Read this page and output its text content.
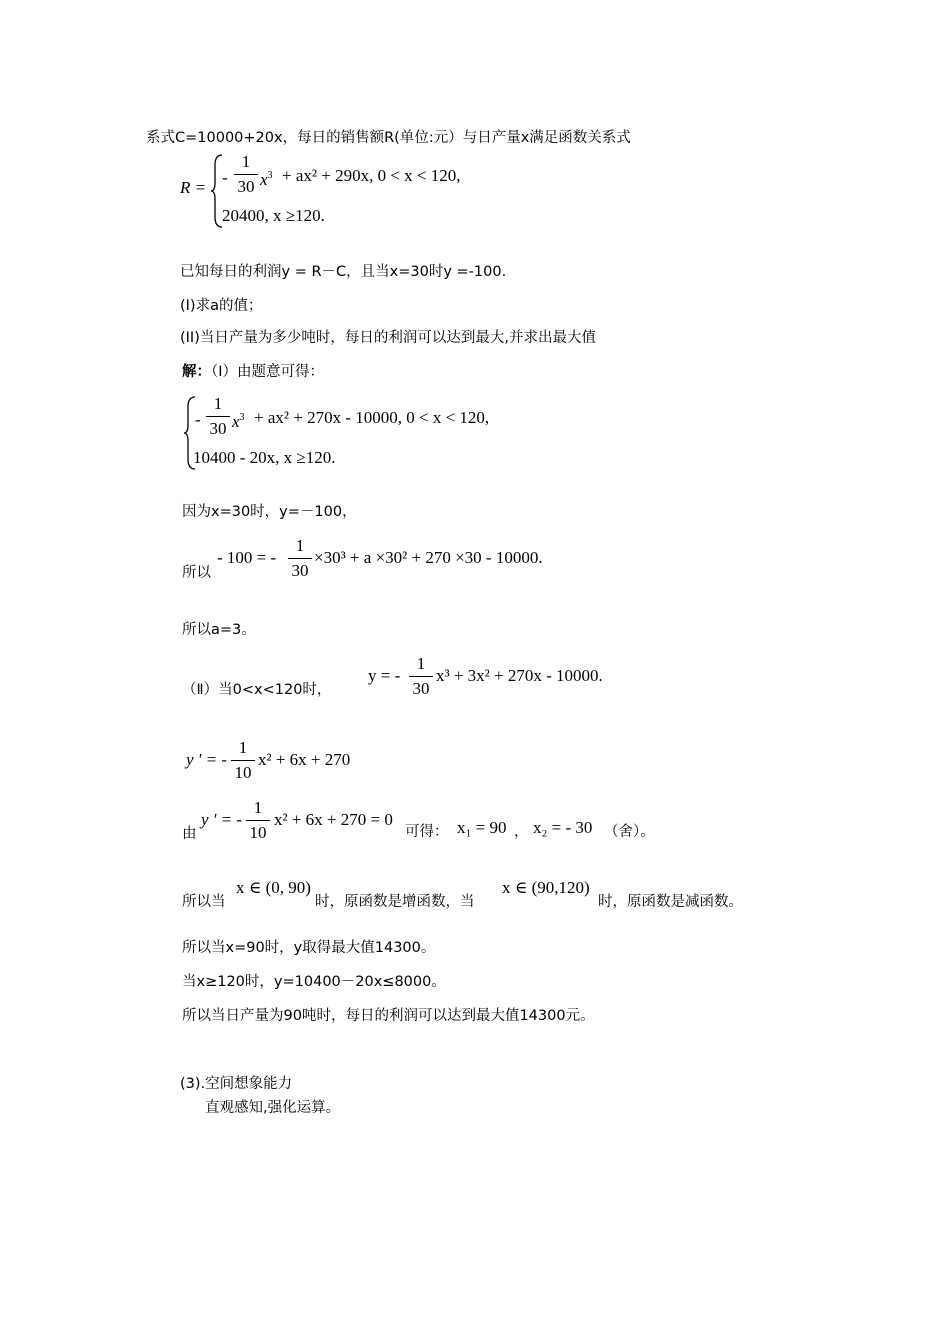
系式C=10000+20x，每日的销售额R(单位:元）与日产量x满足函数关系式
R =
-
1
30 $x^3 + ax^2 + 290x$, 0 < x < 120,
20400, x ≥120.
已知每日的利润y = R－C，且当x=30时y =-100.
(I)求a的值；
(II)当日产量为多少吨时，每日的利润可以达到最大,并求出最大值
解：（Ⅰ）由题意可得：
-
1
30 $x^3 + ax^2 + 270x - 10000$, 0 < x < 120,
10400 - 20x, x ≥120.
因为x=30时，y=－100，
所以
- 100 = -
1
30
×30³ + a ×30² + 270 ×30 - 10000.
所以a=3。
（Ⅱ）当0<x<120时，
y = -
1
30
x³ + 3x² + 270x - 10000.
y ' = -
1
10
x² + 6x + 270
由
y ' = -
1
10
x² + 6x + 270 = 0
可得： x₁ = 90 ， x₂ = - 30 （舍）。
所以当
x ∈ (0, 90)
时，原函数是增函数，当
x ∈ (90,120)
时，原函数是减函数。
所以当x=90时，y取得最大值14300。
当x≥120时，y=10400－20x≤8000。
所以当日产量为90吨时，每日的利润可以达到最大值14300元。
(3).空间想象能力
直观感知,强化运算。
